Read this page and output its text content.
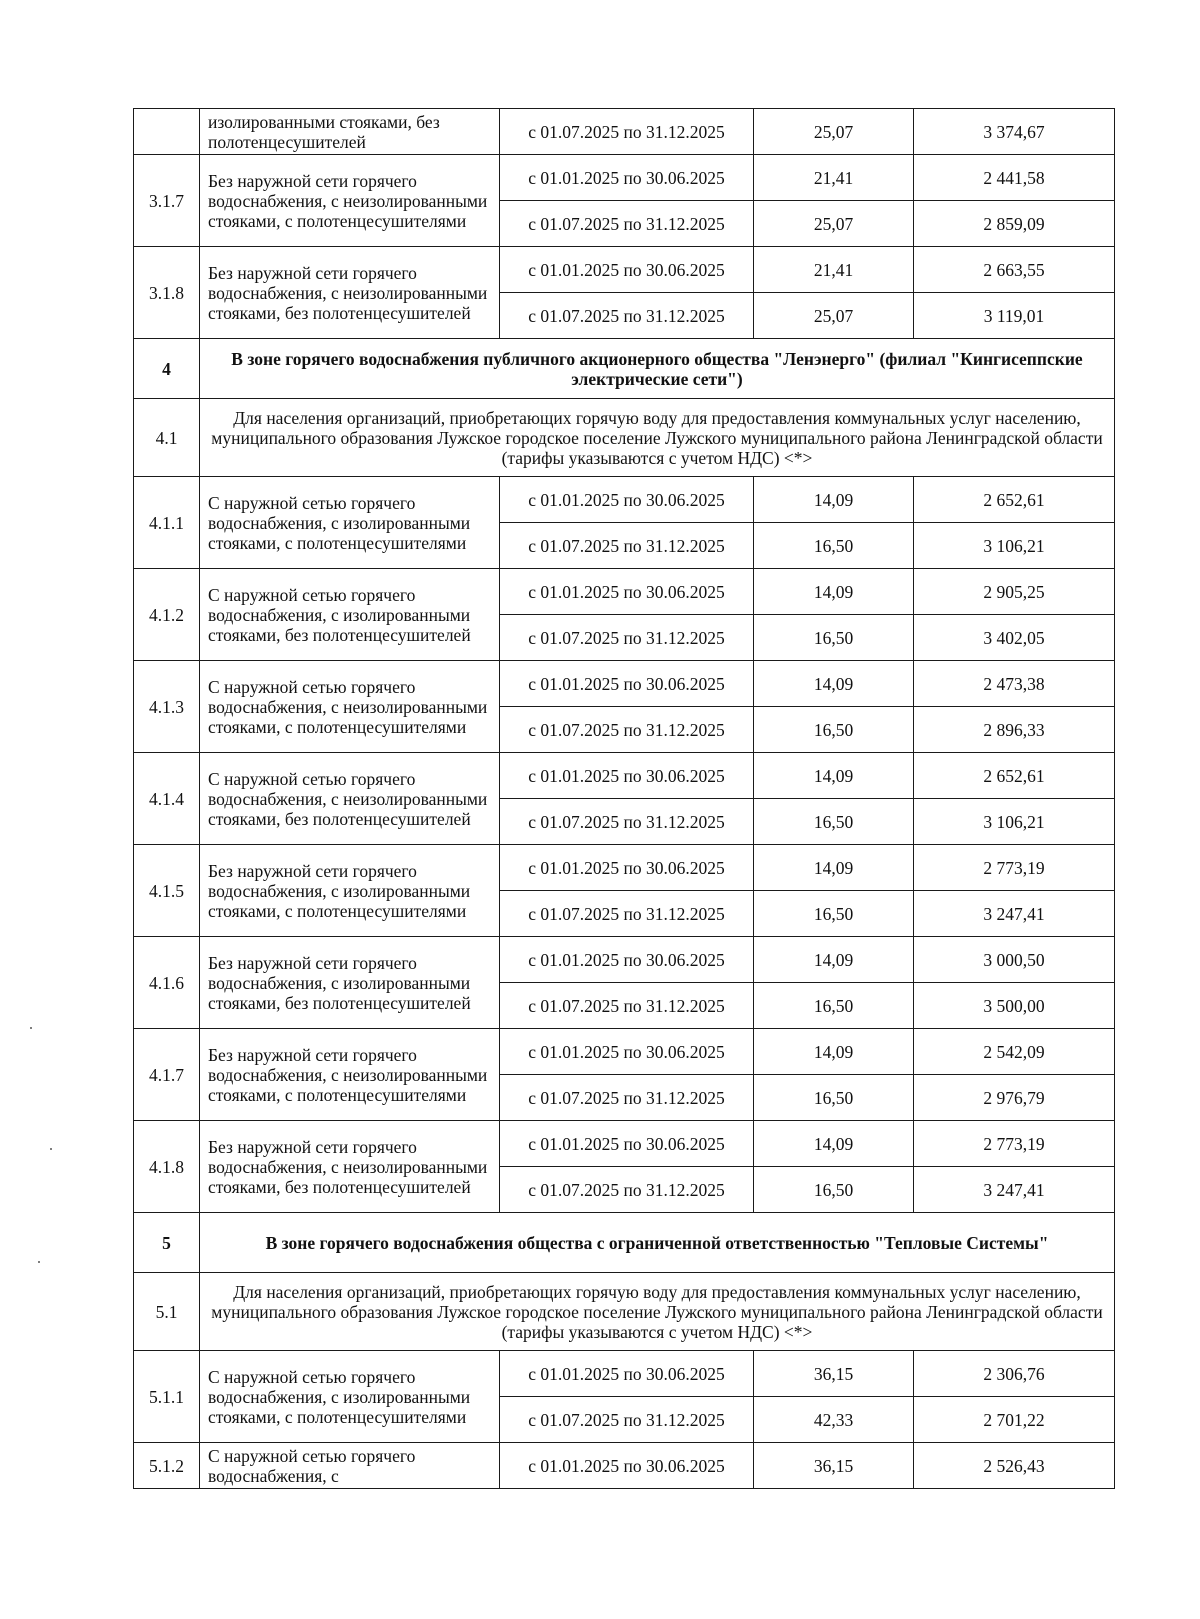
	изолированными стояками, без полотенцесушителей	с 01.07.2025 по 31.12.2025	25,07	3 374,67
3.1.7	Без наружной сети горячего водоснабжения, с неизолированными стояками, с полотенцесушителями	с 01.01.2025 по 30.06.2025	21,41	2 441,58
		с 01.07.2025 по 31.12.2025	25,07	2 859,09
3.1.8	Без наружной сети горячего водоснабжения, с неизолированными стояками, без полотенцесушителей	с 01.01.2025 по 30.06.2025	21,41	2 663,55
		с 01.07.2025 по 31.12.2025	25,07	3 119,01
4	В зоне горячего водоснабжения публичного акционерного общества "Ленэнерго" (филиал "Кингисеппские электрические сети")			
4.1	Для населения организаций, приобретающих горячую воду для предоставления коммунальных услуг населению, муниципального образования Лужское городское поселение Лужского муниципального района Ленинградской области (тарифы указываются с учетом НДС) <*>			
4.1.1	С наружной сетью горячего водоснабжения, с изолированными стояками, с полотенцесушителями	с 01.01.2025 по 30.06.2025	14,09	2 652,61
		с 01.07.2025 по 31.12.2025	16,50	3 106,21
4.1.2	С наружной сетью горячего водоснабжения, с изолированными стояками, без полотенцесушителей	с 01.01.2025 по 30.06.2025	14,09	2 905,25
		с 01.07.2025 по 31.12.2025	16,50	3 402,05
4.1.3	С наружной сетью горячего водоснабжения, с неизолированными стояками, с полотенцесушителями	с 01.01.2025 по 30.06.2025	14,09	2 473,38
		с 01.07.2025 по 31.12.2025	16,50	2 896,33
4.1.4	С наружной сетью горячего водоснабжения, с неизолированными стояками, без полотенцесушителей	с 01.01.2025 по 30.06.2025	14,09	2 652,61
		с 01.07.2025 по 31.12.2025	16,50	3 106,21
4.1.5	Без наружной сети горячего водоснабжения, с изолированными стояками, с полотенцесушителями	с 01.01.2025 по 30.06.2025	14,09	2 773,19
		с 01.07.2025 по 31.12.2025	16,50	3 247,41
4.1.6	Без наружной сети горячего водоснабжения, с изолированными стояками, без полотенцесушителей	с 01.01.2025 по 30.06.2025	14,09	3 000,50
		с 01.07.2025 по 31.12.2025	16,50	3 500,00
4.1.7	Без наружной сети горячего водоснабжения, с неизолированными стояками, с полотенцесушителями	с 01.01.2025 по 30.06.2025	14,09	2 542,09
		с 01.07.2025 по 31.12.2025	16,50	2 976,79
4.1.8	Без наружной сети горячего водоснабжения, с неизолированными стояками, без полотенцесушителей	с 01.01.2025 по 30.06.2025	14,09	2 773,19
		с 01.07.2025 по 31.12.2025	16,50	3 247,41
5	В зоне горячего водоснабжения общества с ограниченной ответственностью "Тепловые Системы"			
5.1	Для населения организаций, приобретающих горячую воду для предоставления коммунальных услуг населению, муниципального образования Лужское городское поселение Лужского муниципального района Ленинградской области (тарифы указываются с учетом НДС) <*>			
5.1.1	С наружной сетью горячего водоснабжения, с изолированными стояками, с полотенцесушителями	с 01.01.2025 по 30.06.2025	36,15	2 306,76
		с 01.07.2025 по 31.12.2025	42,33	2 701,22
5.1.2	С наружной сетью горячего водоснабжения, с	с 01.01.2025 по 30.06.2025	36,15	2 526,43
